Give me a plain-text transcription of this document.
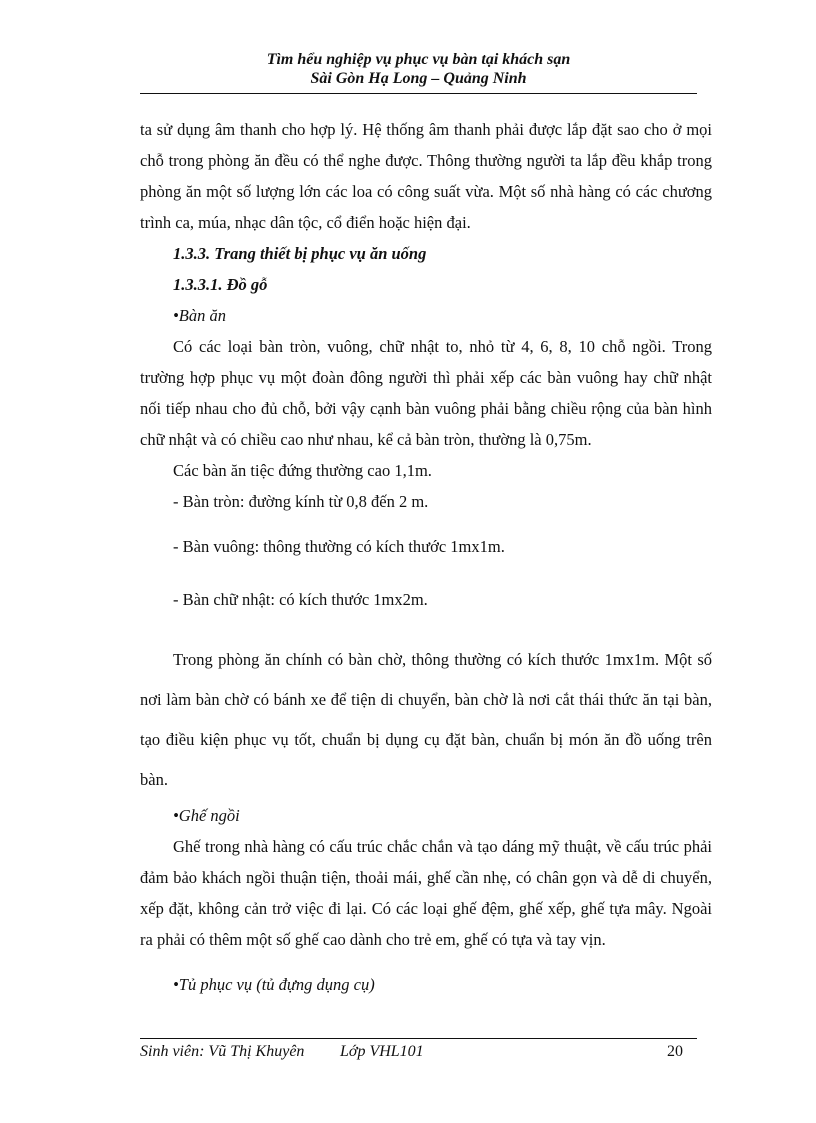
Tìm hểu nghiệp vụ phục vụ bàn tại khách sạn
Sài Gòn Hạ Long – Quảng Ninh

ta sử dụng âm thanh cho hợp lý. Hệ thống âm thanh phải được lắp đặt sao cho ở mọi chỗ trong phòng ăn đều có thể nghe được. Thông thường người ta lắp đều khắp trong phòng ăn một số lượng lớn các loa có công suất vừa. Một số nhà hàng có các chương trình ca, múa, nhạc dân tộc, cổ điển hoặc hiện đại.

1.3.3. Trang thiết bị phục vụ ăn uống

1.3.3.1. Đồ gỗ

•Bàn ăn

Có các loại bàn tròn, vuông, chữ nhật to, nhỏ từ 4, 6, 8, 10 chỗ ngồi. Trong trường hợp phục vụ một đoàn đông người thì phải xếp các bàn vuông hay chữ nhật nối tiếp nhau cho đủ chỗ, bởi vậy cạnh bàn vuông phải bằng chiều rộng của bàn hình chữ nhật và có chiều cao như nhau, kể cả bàn tròn, thường là 0,75m.

Các bàn ăn tiệc đứng thường cao 1,1m.

- Bàn tròn: đường kính từ 0,8 đến 2 m.

- Bàn vuông: thông thường có kích thước 1mx1m.

- Bàn chữ nhật: có kích thước 1mx2m.

Trong phòng ăn chính có bàn chờ, thông thường có kích thước 1mx1m. Một số nơi làm bàn chờ có bánh xe để tiện di chuyển, bàn chờ là nơi cắt thái thức ăn tại bàn, tạo điều kiện phục vụ tốt, chuẩn bị dụng cụ đặt bàn, chuẩn bị món ăn đồ uống trên bàn.

•Ghế ngồi

Ghế trong nhà hàng có cấu trúc chắc chắn và tạo dáng mỹ thuật, về cấu trúc phải đảm bảo khách ngồi thuận tiện, thoải mái, ghế cần nhẹ, có chân gọn và dễ di chuyển, xếp đặt, không cản trở việc đi lại. Có các loại ghế đệm, ghế xếp, ghế tựa mây. Ngoài ra phải có thêm một số ghế cao dành cho trẻ em, ghế có tựa và tay vịn.

•Tủ phục vụ (tủ đựng dụng cụ)

Sinh viên: Vũ Thị Khuyên Lớp VHL101	20
